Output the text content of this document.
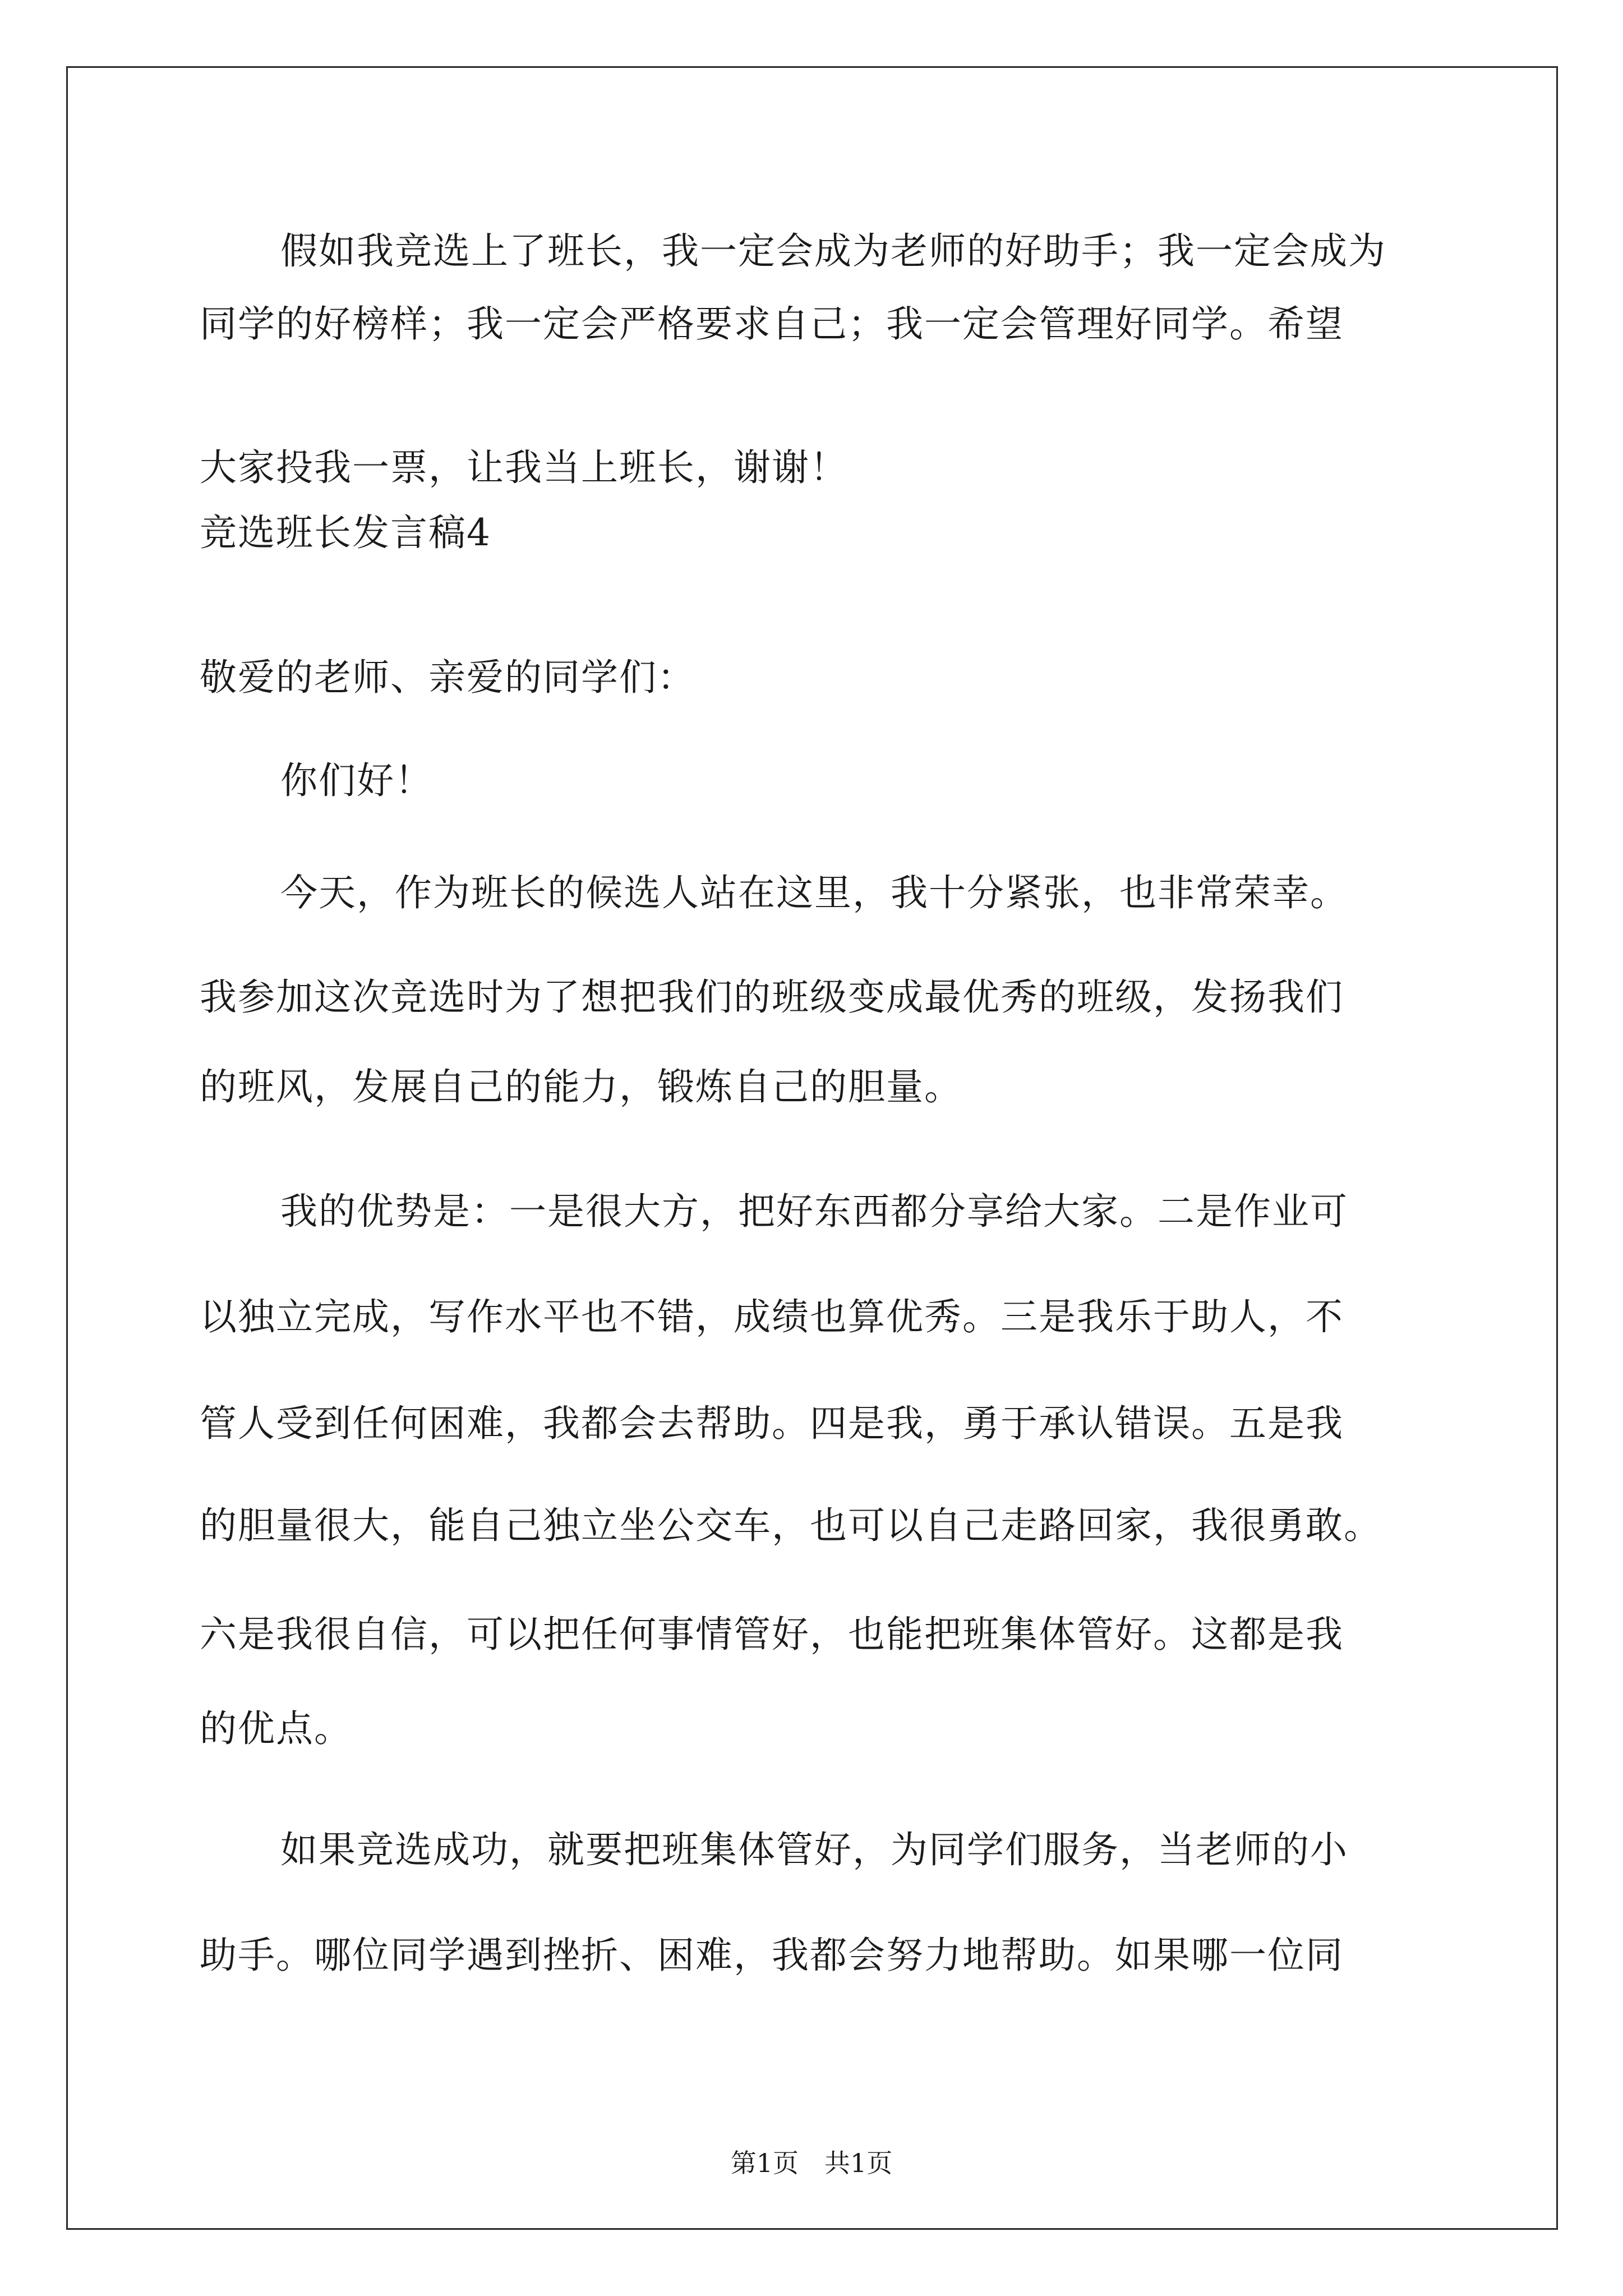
假如我竞选上了班长，我一定会成为老师的好助手；我一定会成为
同学的好榜样；我一定会严格要求自己；我一定会管理好同学。希望
大家投我一票，让我当上班长，谢谢！
竞选班长发言稿4
敬爱的老师、亲爱的同学们：
你们好！
今天，作为班长的候选人站在这里，我十分紧张，也非常荣幸。
我参加这次竞选时为了想把我们的班级变成最优秀的班级，发扬我们
的班风，发展自己的能力，锻炼自己的胆量。
我的优势是：一是很大方，把好东西都分享给大家。二是作业可
以独立完成，写作水平也不错，成绩也算优秀。三是我乐于助人，不
管人受到任何困难，我都会去帮助。四是我，勇于承认错误。五是我
的胆量很大，能自己独立坐公交车，也可以自己走路回家，我很勇敢。
六是我很自信，可以把任何事情管好，也能把班集体管好。这都是我
的优点。
如果竞选成功，就要把班集体管好，为同学们服务，当老师的小
助手。哪位同学遇到挫折、困难，我都会努力地帮助。如果哪一位同
第1页　共1页
